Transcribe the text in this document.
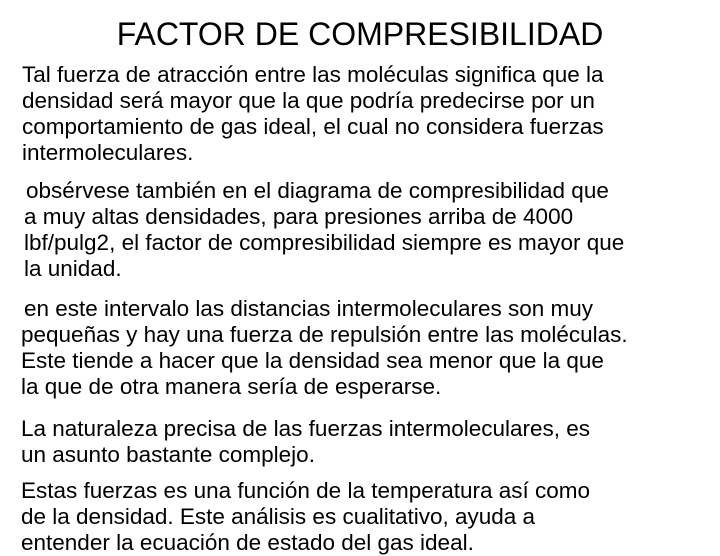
FACTOR DE COMPRESIBILIDAD
Tal fuerza de atracción entre las moléculas significa que la
densidad será mayor que la que podría predecirse por un
comportamiento de gas ideal, el cual no considera fuerzas
intermoleculares.
obsérvese también en el diagrama de compresibilidad que
a muy altas densidades, para presiones arriba de 4000
lbf/pulg2, el factor de compresibilidad siempre es mayor que
la unidad.
en este intervalo las distancias intermoleculares son muy
pequeñas y hay una fuerza de repulsión entre las moléculas.
Este tiende a hacer que la densidad sea menor que la que
la que de otra manera sería de esperarse.
La naturaleza precisa de las fuerzas intermoleculares, es
un asunto bastante complejo.
Estas fuerzas es una función de la temperatura así como
de la densidad. Este análisis es cualitativo, ayuda a
entender la ecuación de estado del gas ideal.
